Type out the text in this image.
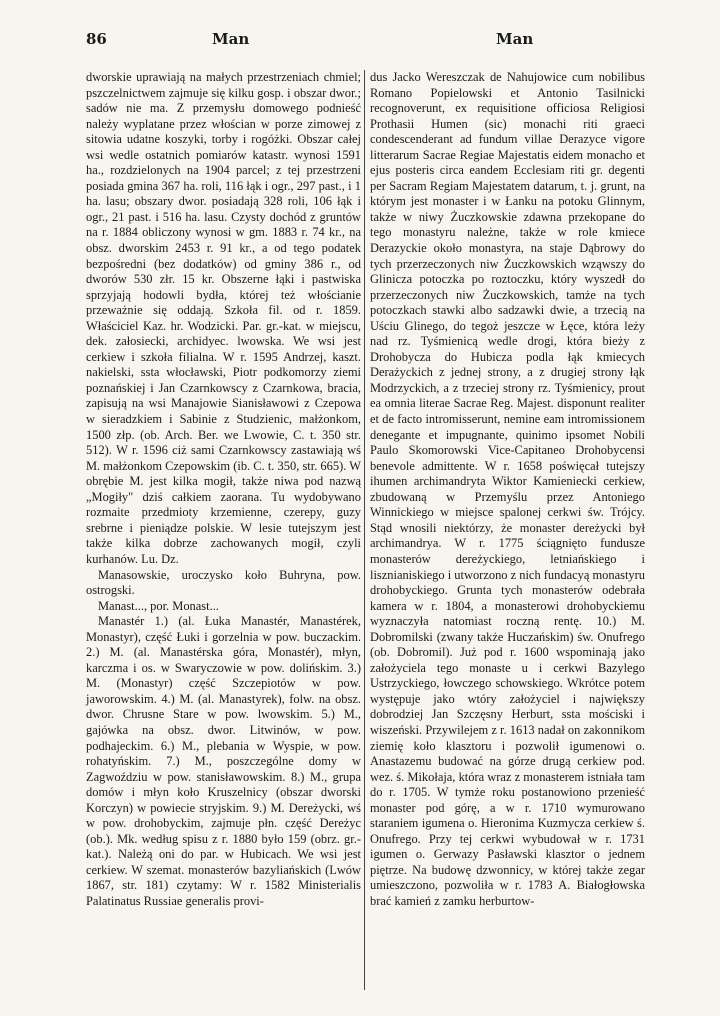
86	Man	Man

dworskie uprawiają na małych przestrzeniach chmiel; pszczelnictwem zajmuje się kilku gosp. i obszar dwor.; sadów nie ma. Z przemysłu domowego podnieść należy wyplatane przez włościan w porze zimowej z sitowia udatne koszyki, torby i rogóżki. Obszar całej wsi wedle ostatnich pomiarów katastr. wynosi 1591 ha., rozdzielonych na 1904 parcel; z tej przestrzeni posiada gmina 367 ha. roli, 116 łąk i ogr., 297 past., i 1 ha. lasu; obszary dwor. posiadają 328 roli, 106 łąk i ogr., 21 past. i 516 ha. lasu. Czysty dochód z gruntów na r. 1884 obliczony wynosi w gm. 1883 r. 74 kr., na obsz. dworskim 2453 r. 91 kr., a od tego podatek bezpośredni (bez dodatków) od gminy 386 r., od dworów 530 złr. 15 kr. Obszerne łąki i pastwiska sprzyjają hodowli bydła, której też włościanie przeważnie się oddają. Szkoła fil. od r. 1859. Właściciel Kaz. hr. Wodzicki. Par. gr.-kat. w miejscu, dek. załosiecki, archidyec. lwowska. We wsi jest cerkiew i szkoła filialna. W r. 1595 Andrzej, kaszt. nakielski, sstа włocławski, Piotr podkomorzy ziemi poznańskiej i Jan Czarnkowscy z Czarnkowa, bracia, zapisują na wsi Manajowie Sianisławowi z Czepowa w sieradzkiem i Sabinie z Studzienic, małżonkom, 1500 złp. (ob. Arch. Ber. we Lwowie, C. t. 350 str. 512). W r. 1596 ciż sami Czarnkowscy zastawiają wś M. małżonkom Czepowskim (ib. C. t. 350, str. 665). W obrębie M. jest kilka mogił, także niwa pod nazwą „Mogiły" dziś całkiem zaorana. Tu wydobywano rozmaite przedmioty krzemienne, czerepy, guzy srebrne i pieniądze polskie. W lesie tutejszym jest także kilka dobrze zachowanych mogił, czyli kurhanów. Lu. Dz.

Manasowskie, uroczysko koło Buhryna, pow. ostrogski.

Manast..., por. Monast...

Manastér 1.) (al. Łuka Manastér, Manastérek, Monastyr), część Łuki i gorzelnia w pow. buczackim. 2.) M. (al. Manastérska góra, Monastér), młyn, karczma i os. w Swaryczowie w pow. dolińskim. 3.) M. (Monastyr) część Szczepiotów w pow. jaworowskim. 4.) M. (al. Manastyrek), folw. na obsz. dwor. Chrusne Stare w pow. lwowskim. 5.) M., gajówka na obsz. dwor. Litwinów, w pow. podhajeckim. 6.) M., plebania w Wyspie, w pow. rohatyńskim. 7.) M., poszczególne domy w Zagwoździu w pow. stanisławowskim. 8.) M., grupa domów i młyn koło Kruszelnicy (obszar dworski Korczyn) w powiecie stryjskim. 9.) M. Dereżycki, wś w pow. drohobyckim, zajmuje płn. część Dereżyc (ob.). Mk. według spisu z r. 1880 było 159 (obrz. gr.-kat.). Należą oni do par. w Hubicach. We wsi jest cerkiew. W szemat. monasterów bazyliańskich (Lwów 1867, str. 181) czytamy: W r. 1582 Ministerialis Palatinatus Russiae generalis provi-

dus Jacko Wereszczak de Nahujowice cum nobilibus Romano Popielowski et Antonio Tasilnicki recognoverunt, ex requisitione officiosa Religiosi Prothasii Humen (sic) monachi riti graeci condescenderant ad fundum villae Derazyce vigore litterarum Sacrae Regiae Majestatis eidem monacho et ejus posteris circa eandem Ecclesiam riti gr. degenti per Sacram Regiam Majestatem datarum, t. j. grunt, na którym jest monaster i w Łanku na potoku Glinnym, także w niwy Żuczkowskie zdawna przekopane do tego monastyru należne, także w role kmiece Derazyckie około monastyra, na staje Dąbrowy do tych przerzeczonych niw Żuczkowskich wząwszy do Glinicza potoczka po roztoczku, który wyszedł do przerzeczonych niw Żuczkowskich, tamże na tych potoczkach stawki albo sadzawki dwie, a trzecią na Uściu Glinego, do tegoż jeszcze w Łęce, która leży nad rz. Tyśmienicą wedle drogi, która bieży z Drohobycza do Hubicza podla łąk kmiecych Derażyckich z jednej strony, a z drugiej strony łąk Modrzyckich, a z trzeciej strony rz. Tyśmienicy, prout ea omnia literae Sacrae Reg. Majest. disponunt realiter et de facto intromisserunt, nemine eam intromissionem denegante et impugnante, quinimo ipsomet Nobili Paulo Skomorowski Vice-Capitaneo Drohobycensi benevole admittente. W r. 1658 poświęcał tutejszy ihumen archimandryta Wiktor Kamieniecki cerkiew, zbudowaną w Przemyślu przez Antoniego Winnickiego w miejsce spalonej cerkwi św. Trójcy. Stąd wnosili niektórzy, że monaster dereżycki był archimandrya. W r. 1775 ściągnięto fundusze monasterów dereżyckiego, letniańskiego i lisznianiskiego i utworzono z nich fundacyą monastyru drohobyckiego. Grunta tych monasterów odebrała kamera w r. 1804, a monasterowi drohobyckiemu wyznaczyła natomiast roczną rentę. 10.) M. Dobromilski (zwany także Huczańskim) św. Onufrego (ob. Dobromil). Już pod r. 1600 wspominają jako założyciela tego monaste u i cerkwi Bazylego Ustrzyckiego, łowczego schowskiego. Wkrótce potem występuje jako wtóry założyciel i największy dobrodziej Jan Szczęsny Herburt, ssta mościski i wiszeński. Przywilejem z r. 1613 nadał on zakonnikom ziemię koło klasztoru i pozwolił igumenowi o. Anastazemu budować na górze drugą cerkiew pod. wez. ś. Mikołaja, która wraz z monasterem istniała tam do r. 1705. W tymże roku postanowiono przenieść monaster pod górę, a w r. 1710 wymurowano staraniem igumena o. Hieronima Kuzmycza cerkiew ś. Onufrego. Przy tej cerkwi wybudował w r. 1731 igumen o. Gerwazy Pasławski klasztor o jednem piętrze. Na budowę dzwonnicy, w której także zegar umieszczono, pozwoliła w r. 1783 A. Białogłowska brać kamień z zamku herburtow-
